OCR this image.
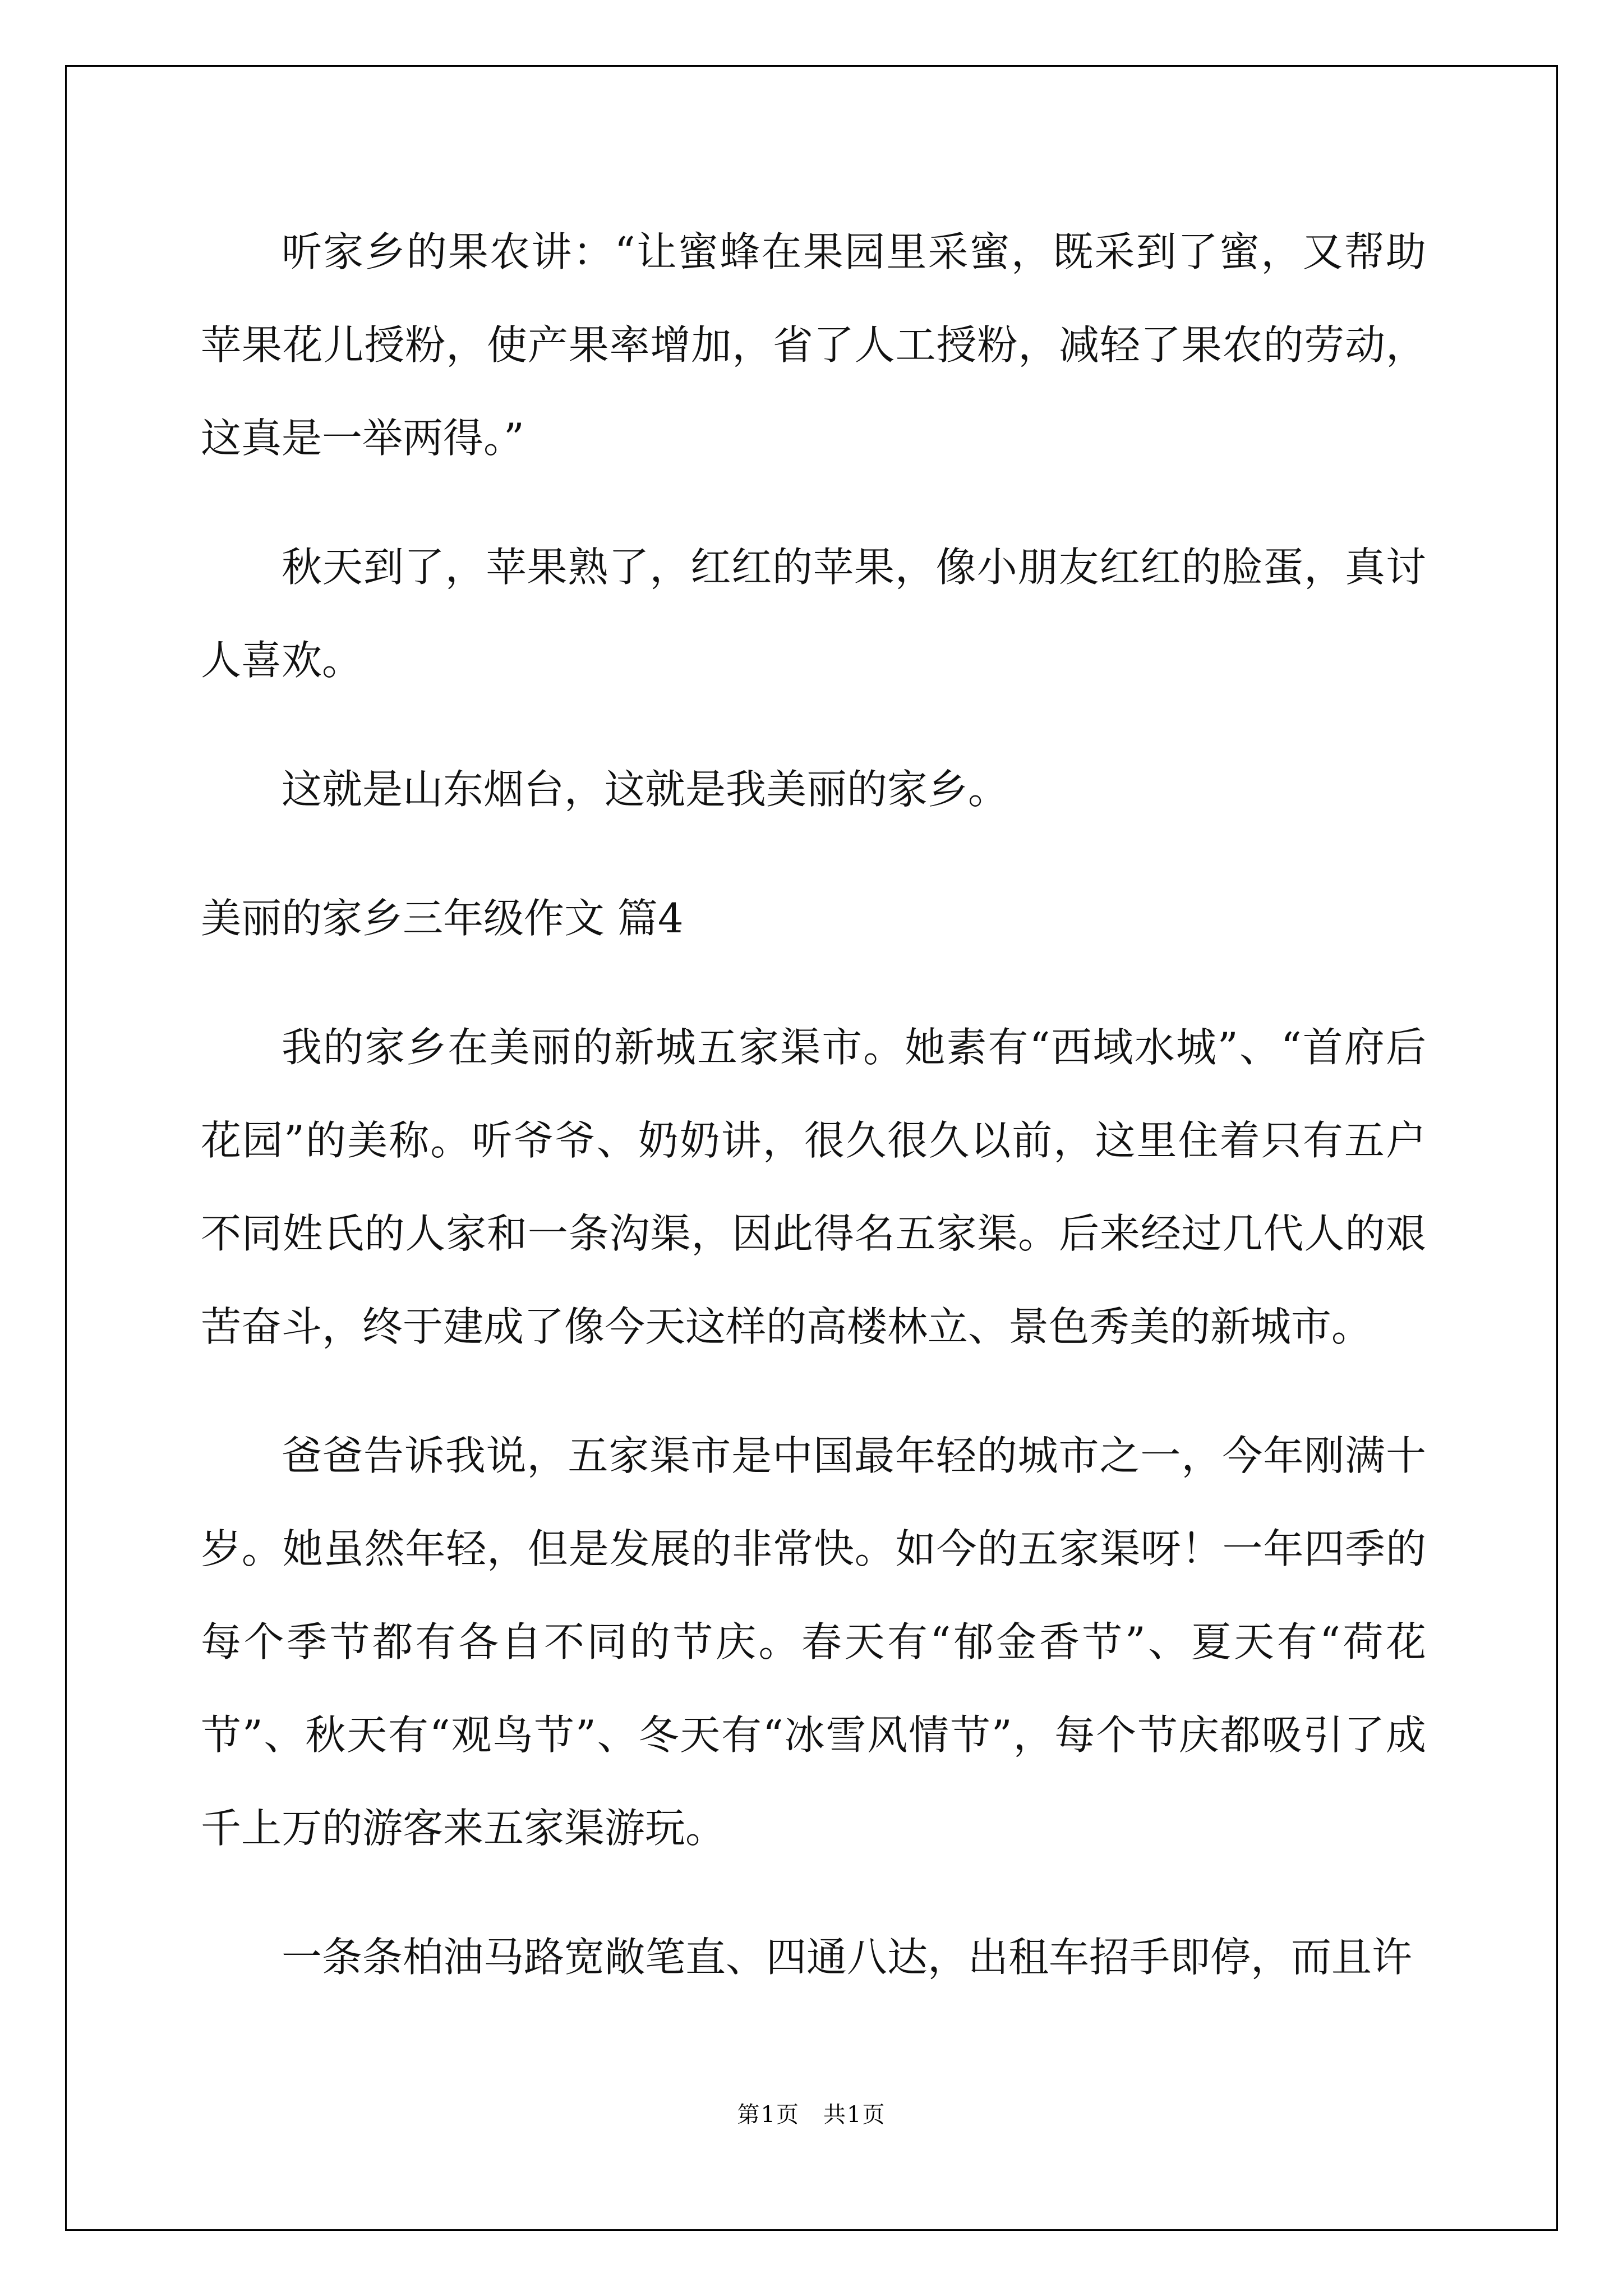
听家乡的果农讲：“让蜜蜂在果园里采蜜，既采到了蜜，又帮助苹果花儿授粉，使产果率增加，省了人工授粉，减轻了果农的劳动，这真是一举两得。”

秋天到了，苹果熟了，红红的苹果，像小朋友红红的脸蛋，真讨人喜欢。

这就是山东烟台，这就是我美丽的家乡。

美丽的家乡三年级作文 篇4

我的家乡在美丽的新城五家渠市。她素有“西域水城”、“首府后花园”的美称。听爷爷、奶奶讲，很久很久以前，这里住着只有五户不同姓氏的人家和一条沟渠，因此得名五家渠。后来经过几代人的艰苦奋斗，终于建成了像今天这样的高楼林立、景色秀美的新城市。

爸爸告诉我说，五家渠市是中国最年轻的城市之一，今年刚满十岁。她虽然年轻，但是发展的非常快。如今的五家渠呀！一年四季的每个季节都有各自不同的节庆。春天有“郁金香节”、夏天有“荷花节”、秋天有“观鸟节”、冬天有“冰雪风情节”，每个节庆都吸引了成千上万的游客来五家渠游玩。

一条条柏油马路宽敞笔直、四通八达，出租车招手即停，而且许

第1页　共1页
